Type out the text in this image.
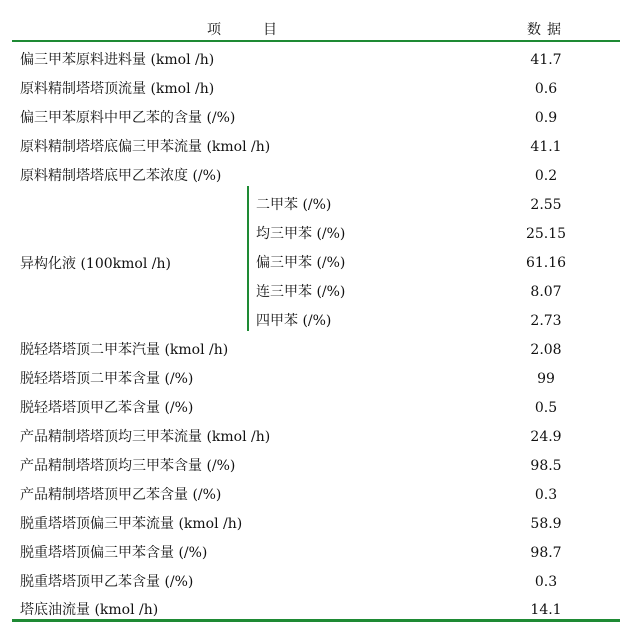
项	目	数据
偏三甲苯原料进料量 (kmol /h)	41.7
原料精制塔塔顶流量 (kmol /h)	0.6
偏三甲苯原料中甲乙苯的含量 (/%)	0.9
原料精制塔塔底偏三甲苯流量 (kmol /h)	41.1
原料精制塔塔底甲乙苯浓度 (/%)	0.2
异构化液 (100kmol /h)
二甲苯 (/%)	2.55
均三甲苯 (/%)	25.15
偏三甲苯 (/%)	61.16
连三甲苯 (/%)	8.07
四甲苯 (/%)	2.73
脱轻塔塔顶二甲苯汽量 (kmol /h)	2.08
脱轻塔塔顶二甲苯含量 (/%)	99
脱轻塔塔顶甲乙苯含量 (/%)	0.5
产品精制塔塔顶均三甲苯流量 (kmol /h)	24.9
产品精制塔塔顶均三甲苯含量 (/%)	98.5
产品精制塔塔顶甲乙苯含量 (/%)	0.3
脱重塔塔顶偏三甲苯流量 (kmol /h)	58.9
脱重塔塔顶偏三甲苯含量 (/%)	98.7
脱重塔塔顶甲乙苯含量 (/%)	0.3
塔底油流量 (kmol /h)	14.1
